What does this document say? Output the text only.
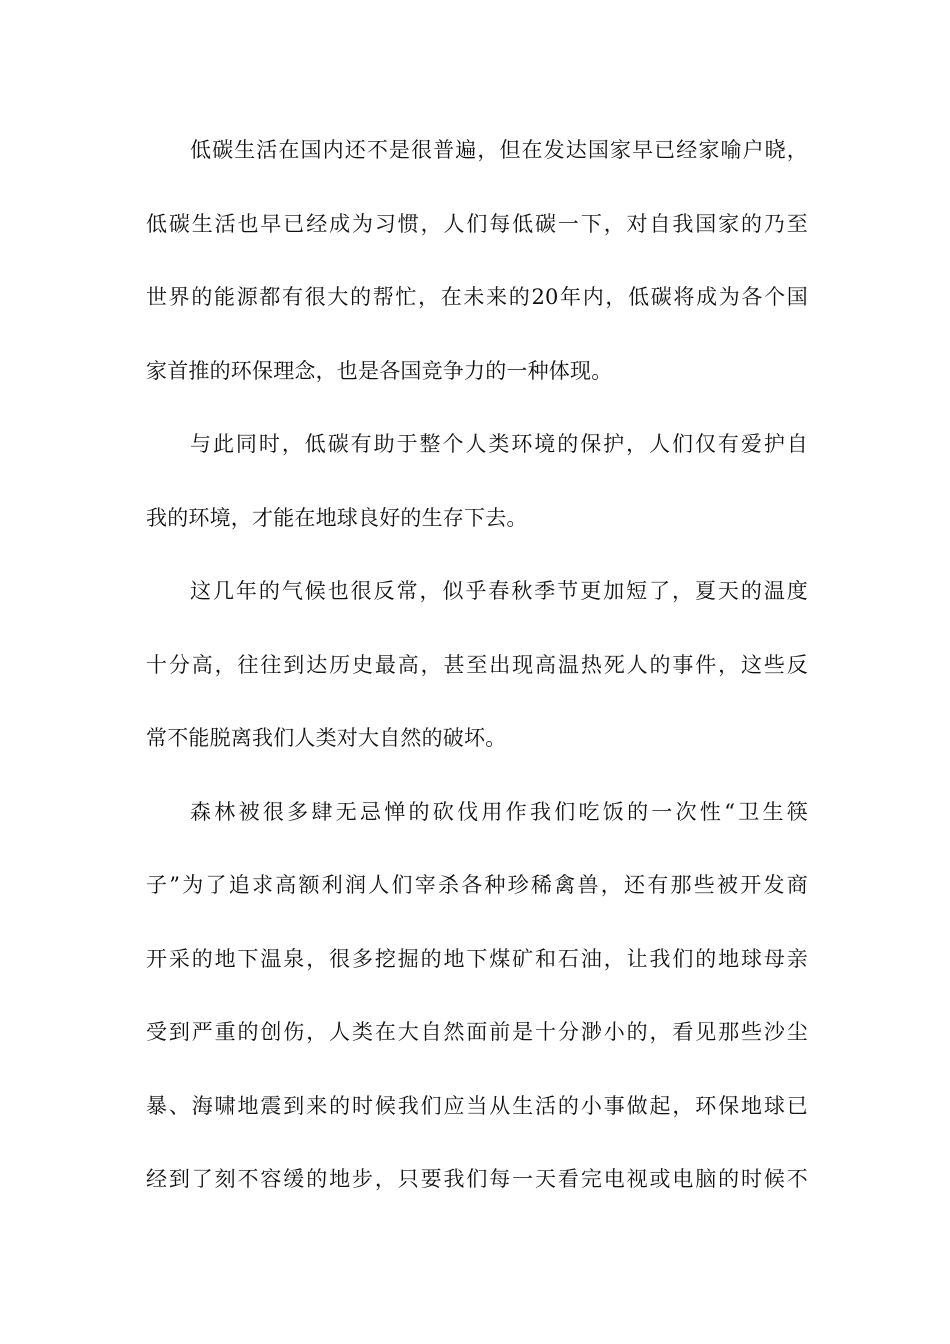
低碳生活在国内还不是很普遍，但在发达国家早已经家喻户晓，
低碳生活也早已经成为习惯，人们每低碳一下，对自我国家的乃至
世界的能源都有很大的帮忙，在未来的20年内，低碳将成为各个国
家首推的环保理念，也是各国竞争力的一种体现。
与此同时，低碳有助于整个人类环境的保护，人们仅有爱护自
我的环境，才能在地球良好的生存下去。
这几年的气候也很反常，似乎春秋季节更加短了，夏天的温度
十分高，往往到达历史最高，甚至出现高温热死人的事件，这些反
常不能脱离我们人类对大自然的破坏。
森林被很多肆无忌惮的砍伐用作我们吃饭的一次性“卫生筷
子”为了追求高额利润人们宰杀各种珍稀禽兽，还有那些被开发商
开采的地下温泉，很多挖掘的地下煤矿和石油，让我们的地球母亲
受到严重的创伤，人类在大自然面前是十分渺小的，看见那些沙尘
暴、海啸地震到来的时候我们应当从生活的小事做起，环保地球已
经到了刻不容缓的地步，只要我们每一天看完电视或电脑的时候不
